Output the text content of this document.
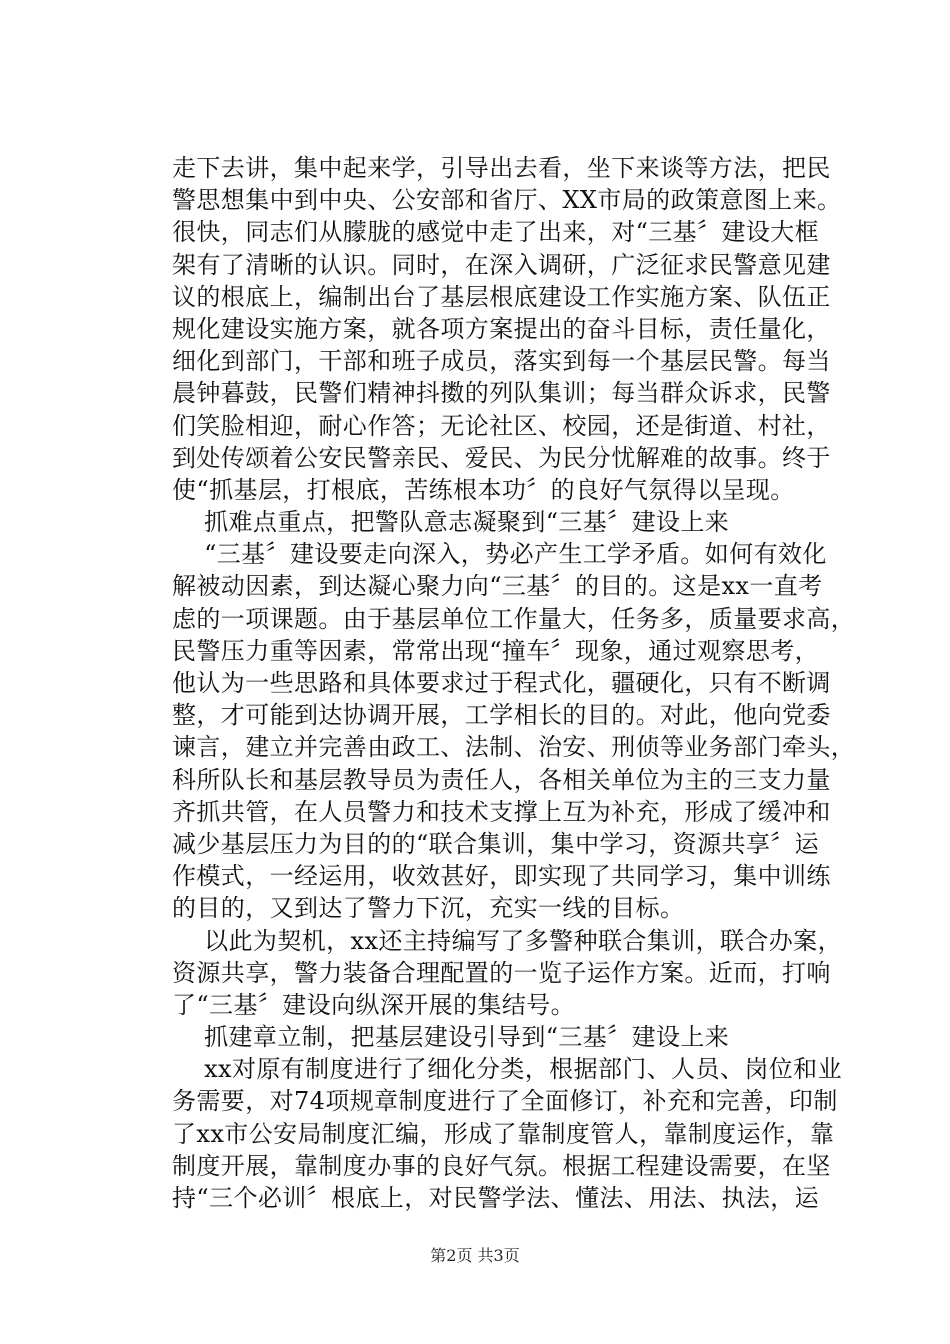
走下去讲，集中起来学，引导出去看，坐下来谈等方法，把民
警思想集中到中央、公安部和省厅、XX市局的政策意图上来。
很快，同志们从朦胧的感觉中走了出来，对“三基〞建设大框
架有了清晰的认识。同时，在深入调研，广泛征求民警意见建
议的根底上，编制出台了基层根底建设工作实施方案、队伍正
规化建设实施方案，就各项方案提出的奋斗目标，责任量化，
细化到部门，干部和班子成员，落实到每一个基层民警。每当
晨钟暮鼓，民警们精神抖擞的列队集训；每当群众诉求，民警
们笑脸相迎，耐心作答；无论社区、校园，还是街道、村社，
到处传颂着公安民警亲民、爱民、为民分忧解难的故事。终于
使“抓基层，打根底，苦练根本功〞的良好气氛得以呈现。
抓难点重点，把警队意志凝聚到“三基〞建设上来
“三基〞建设要走向深入，势必产生工学矛盾。如何有效化
解被动因素，到达凝心聚力向“三基〞的目的。这是xx一直考
虑的一项课题。由于基层单位工作量大，任务多，质量要求高，
民警压力重等因素，常常出现“撞车〞现象，通过观察思考，
他认为一些思路和具体要求过于程式化，疆硬化，只有不断调
整，才可能到达协调开展，工学相长的目的。对此，他向党委
谏言，建立并完善由政工、法制、治安、刑侦等业务部门牵头，
科所队长和基层教导员为责任人，各相关单位为主的三支力量
齐抓共管，在人员警力和技术支撑上互为补充，形成了缓冲和
减少基层压力为目的的“联合集训，集中学习，资源共享〞运
作模式，一经运用，收效甚好，即实现了共同学习，集中训练
的目的，又到达了警力下沉，充实一线的目标。
以此为契机，xx还主持编写了多警种联合集训，联合办案，
资源共享，警力装备合理配置的一览子运作方案。近而，打响
了“三基〞建设向纵深开展的集结号。
抓建章立制，把基层建设引导到“三基〞建设上来
xx对原有制度进行了细化分类，根据部门、人员、岗位和业
务需要，对74项规章制度进行了全面修订，补充和完善，印制
了xx市公安局制度汇编，形成了靠制度管人，靠制度运作，靠
制度开展，靠制度办事的良好气氛。根据工程建设需要，在坚
持“三个必训〞根底上，对民警学法、懂法、用法、执法，运
第2页 共3页
